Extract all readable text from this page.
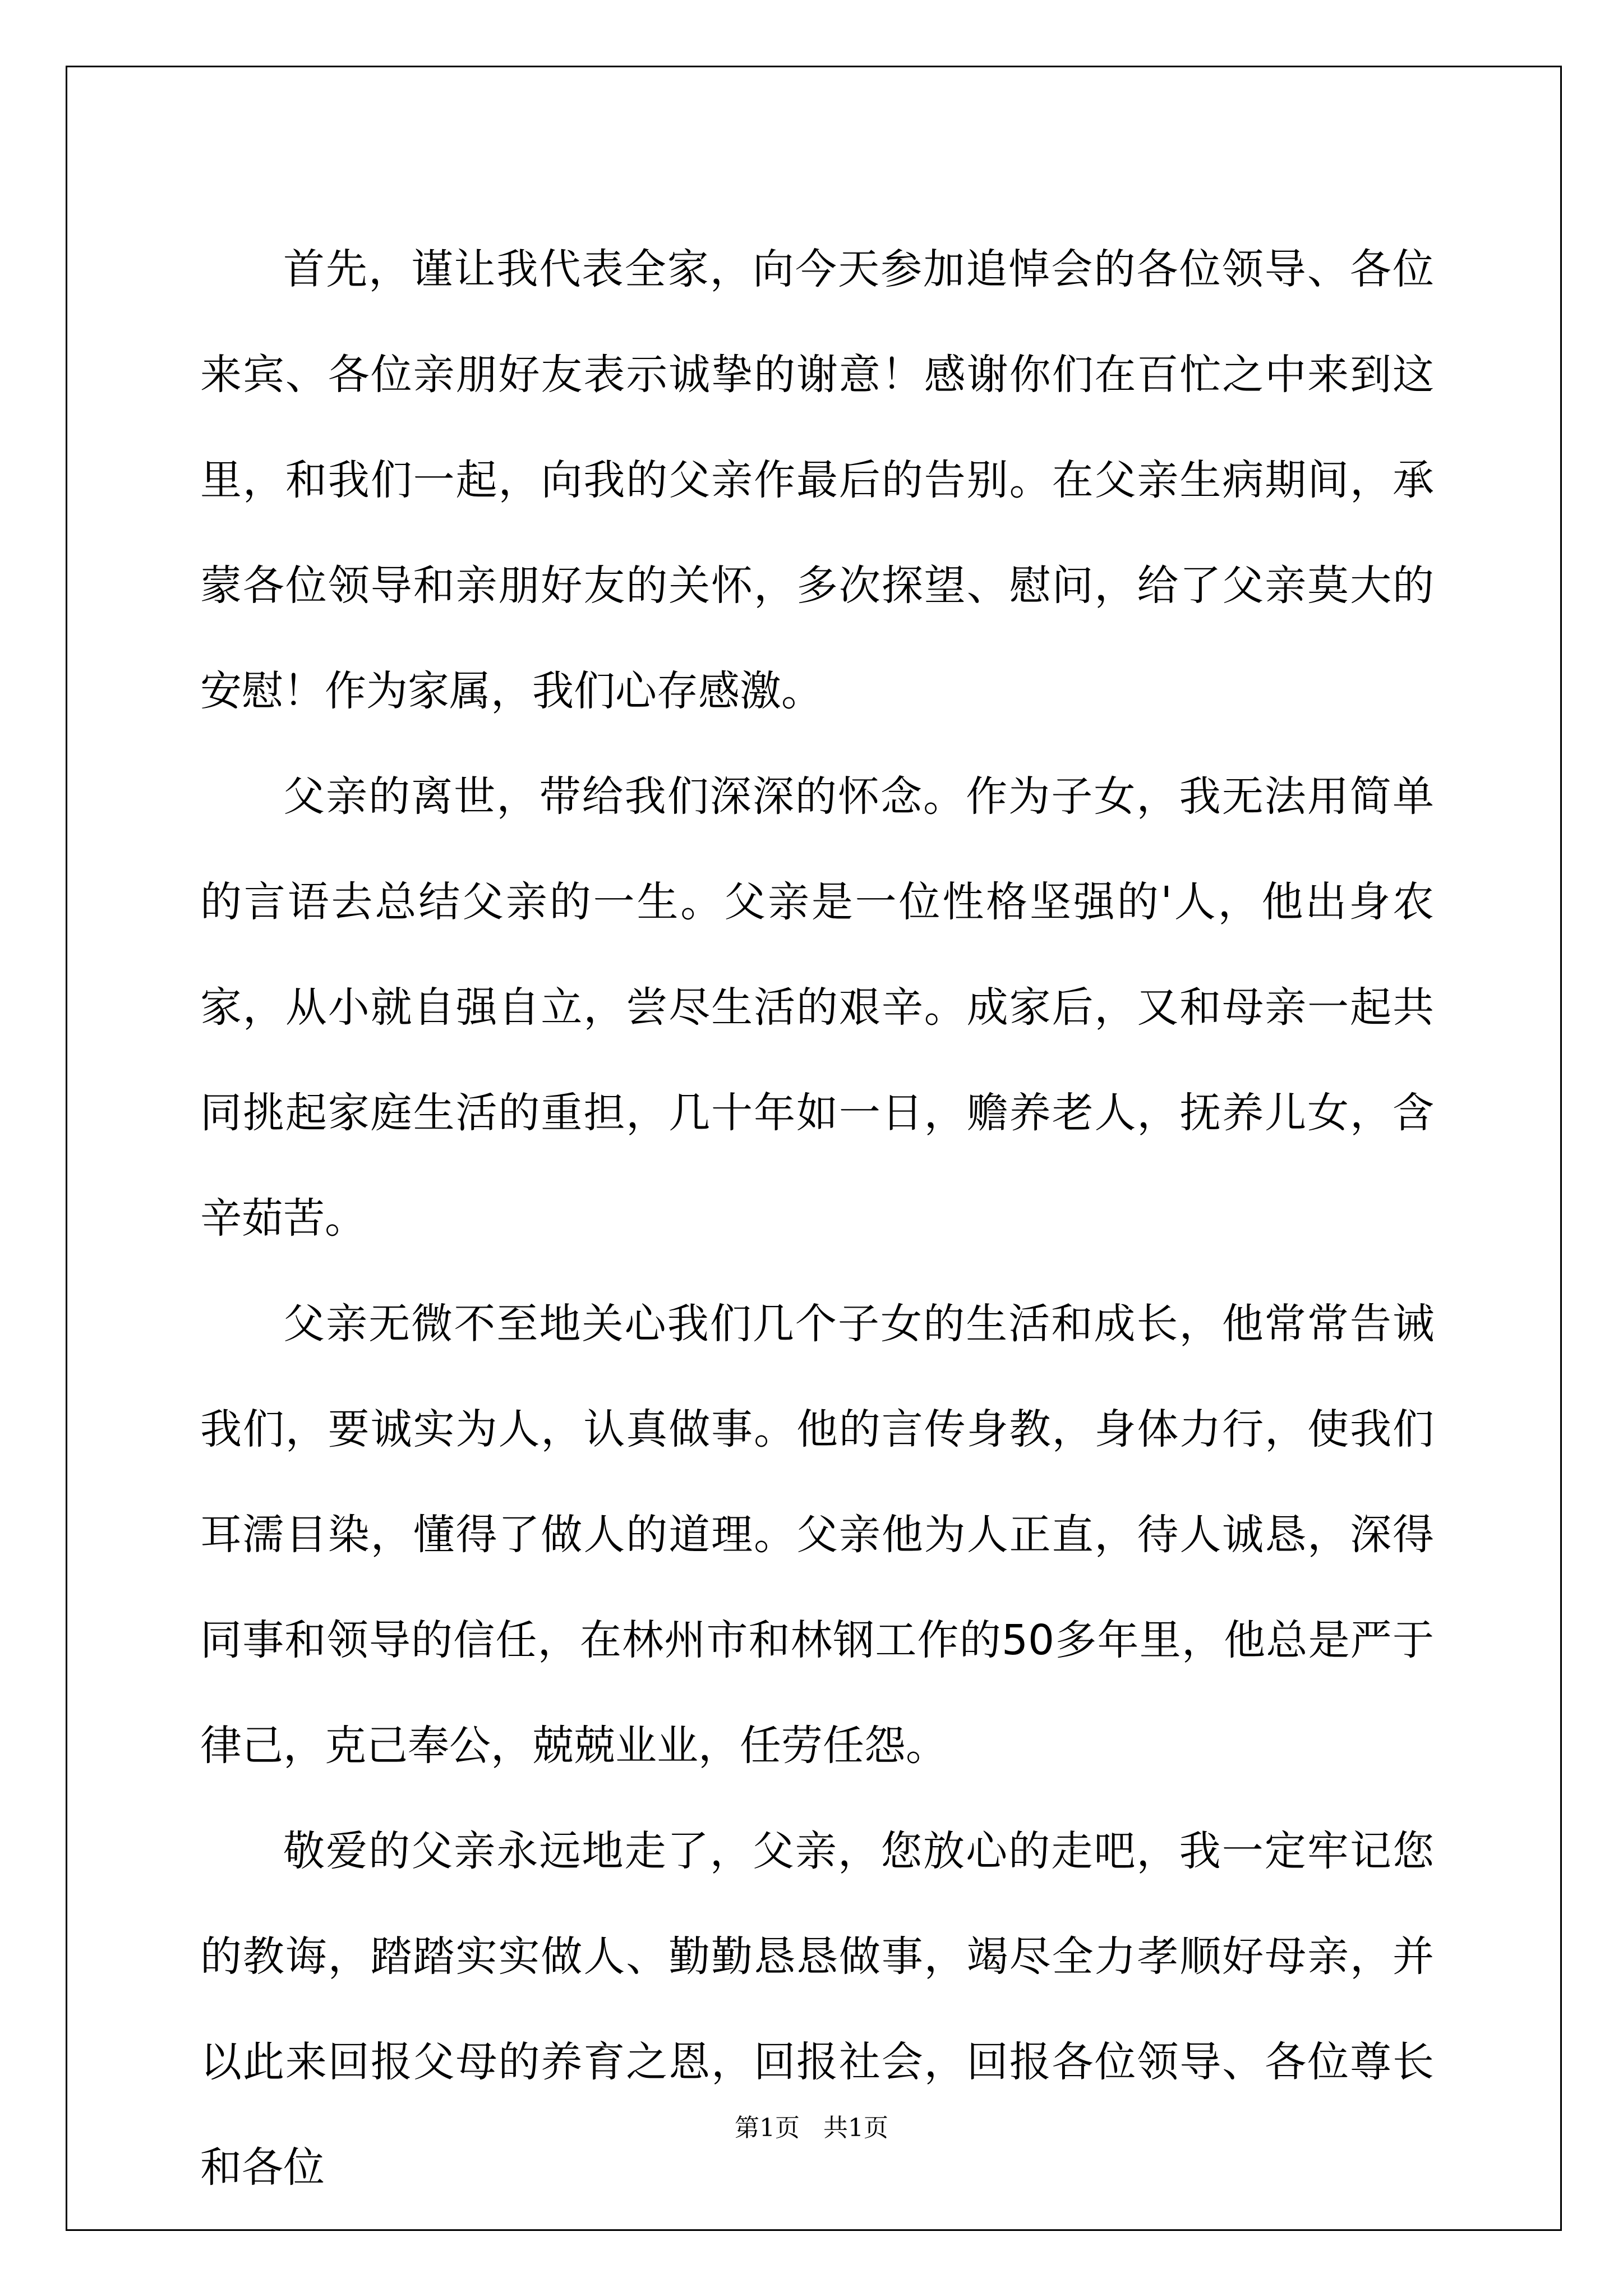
首先，谨让我代表全家，向今天参加追悼会的各位领导、各位来宾、各位亲朋好友表示诚挚的谢意！感谢你们在百忙之中来到这里，和我们一起，向我的父亲作最后的告别。在父亲生病期间，承蒙各位领导和亲朋好友的关怀，多次探望、慰问，给了父亲莫大的安慰！作为家属，我们心存感激。

父亲的离世，带给我们深深的怀念。作为子女，我无法用简单的言语去总结父亲的一生。父亲是一位性格坚强的'人，他出身农家，从小就自强自立，尝尽生活的艰辛。成家后，又和母亲一起共同挑起家庭生活的重担，几十年如一日，赡养老人，抚养儿女，含辛茹苦。

父亲无微不至地关心我们几个子女的生活和成长，他常常告诫我们，要诚实为人，认真做事。他的言传身教，身体力行，使我们耳濡目染，懂得了做人的道理。父亲他为人正直，待人诚恳，深得同事和领导的信任，在林州市和林钢工作的50多年里，他总是严于律己，克己奉公，兢兢业业，任劳任怨。

敬爱的父亲永远地走了，父亲，您放心的走吧，我一定牢记您的教诲，踏踏实实做人、勤勤恳恳做事，竭尽全力孝顺好母亲，并以此来回报父母的养育之恩，回报社会，回报各位领导、各位尊长和各位

第1页   共1页
